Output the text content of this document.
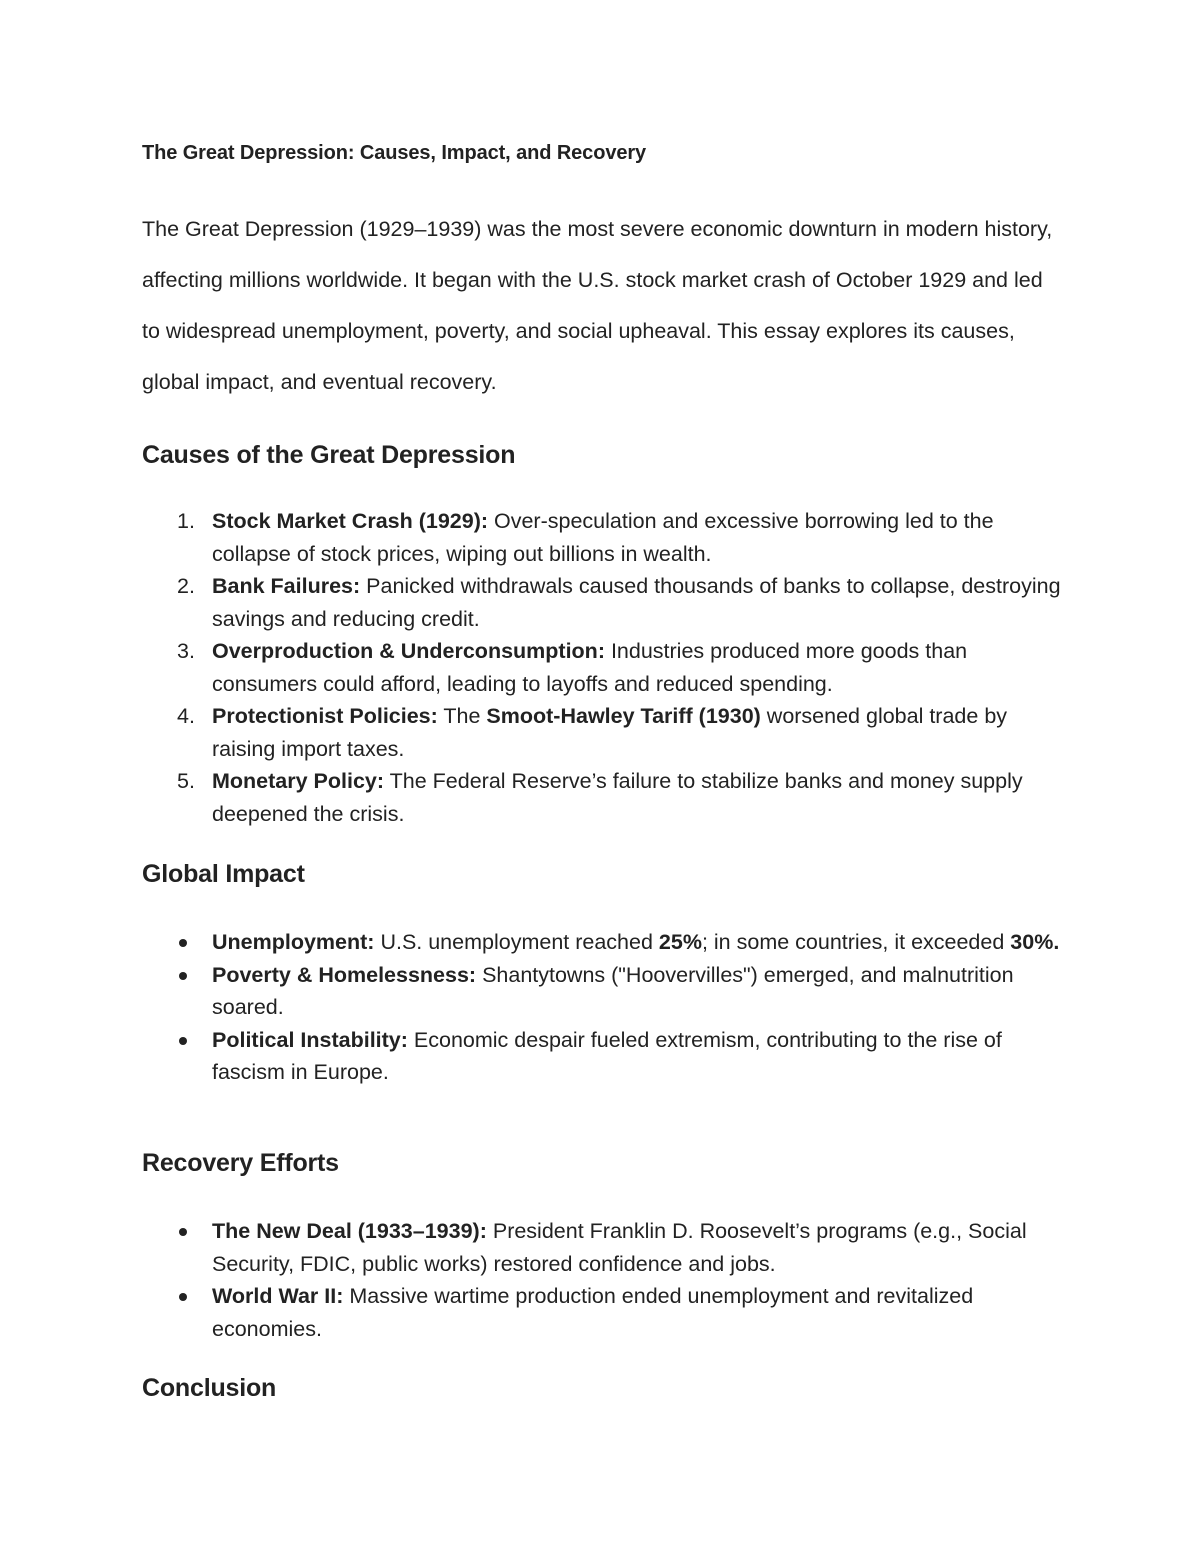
The Great Depression: Causes, Impact, and Recovery

The Great Depression (1929–1939) was the most severe economic downturn in modern history, affecting millions worldwide. It began with the U.S. stock market crash of October 1929 and led to widespread unemployment, poverty, and social upheaval. This essay explores its causes, global impact, and eventual recovery.

Causes of the Great Depression
1. Stock Market Crash (1929): Over-speculation and excessive borrowing led to the collapse of stock prices, wiping out billions in wealth.
2. Bank Failures: Panicked withdrawals caused thousands of banks to collapse, destroying savings and reducing credit.
3. Overproduction & Underconsumption: Industries produced more goods than consumers could afford, leading to layoffs and reduced spending.
4. Protectionist Policies: The Smoot-Hawley Tariff (1930) worsened global trade by raising import taxes.
5. Monetary Policy: The Federal Reserve’s failure to stabilize banks and money supply deepened the crisis.
Global Impact
Unemployment: U.S. unemployment reached 25%; in some countries, it exceeded 30%.
Poverty & Homelessness: Shantytowns ("Hoovervilles") emerged, and malnutrition soared.
Political Instability: Economic despair fueled extremism, contributing to the rise of fascism in Europe.
Recovery Efforts
The New Deal (1933–1939): President Franklin D. Roosevelt’s programs (e.g., Social Security, FDIC, public works) restored confidence and jobs.
World War II: Massive wartime production ended unemployment and revitalized economies.
Conclusion
